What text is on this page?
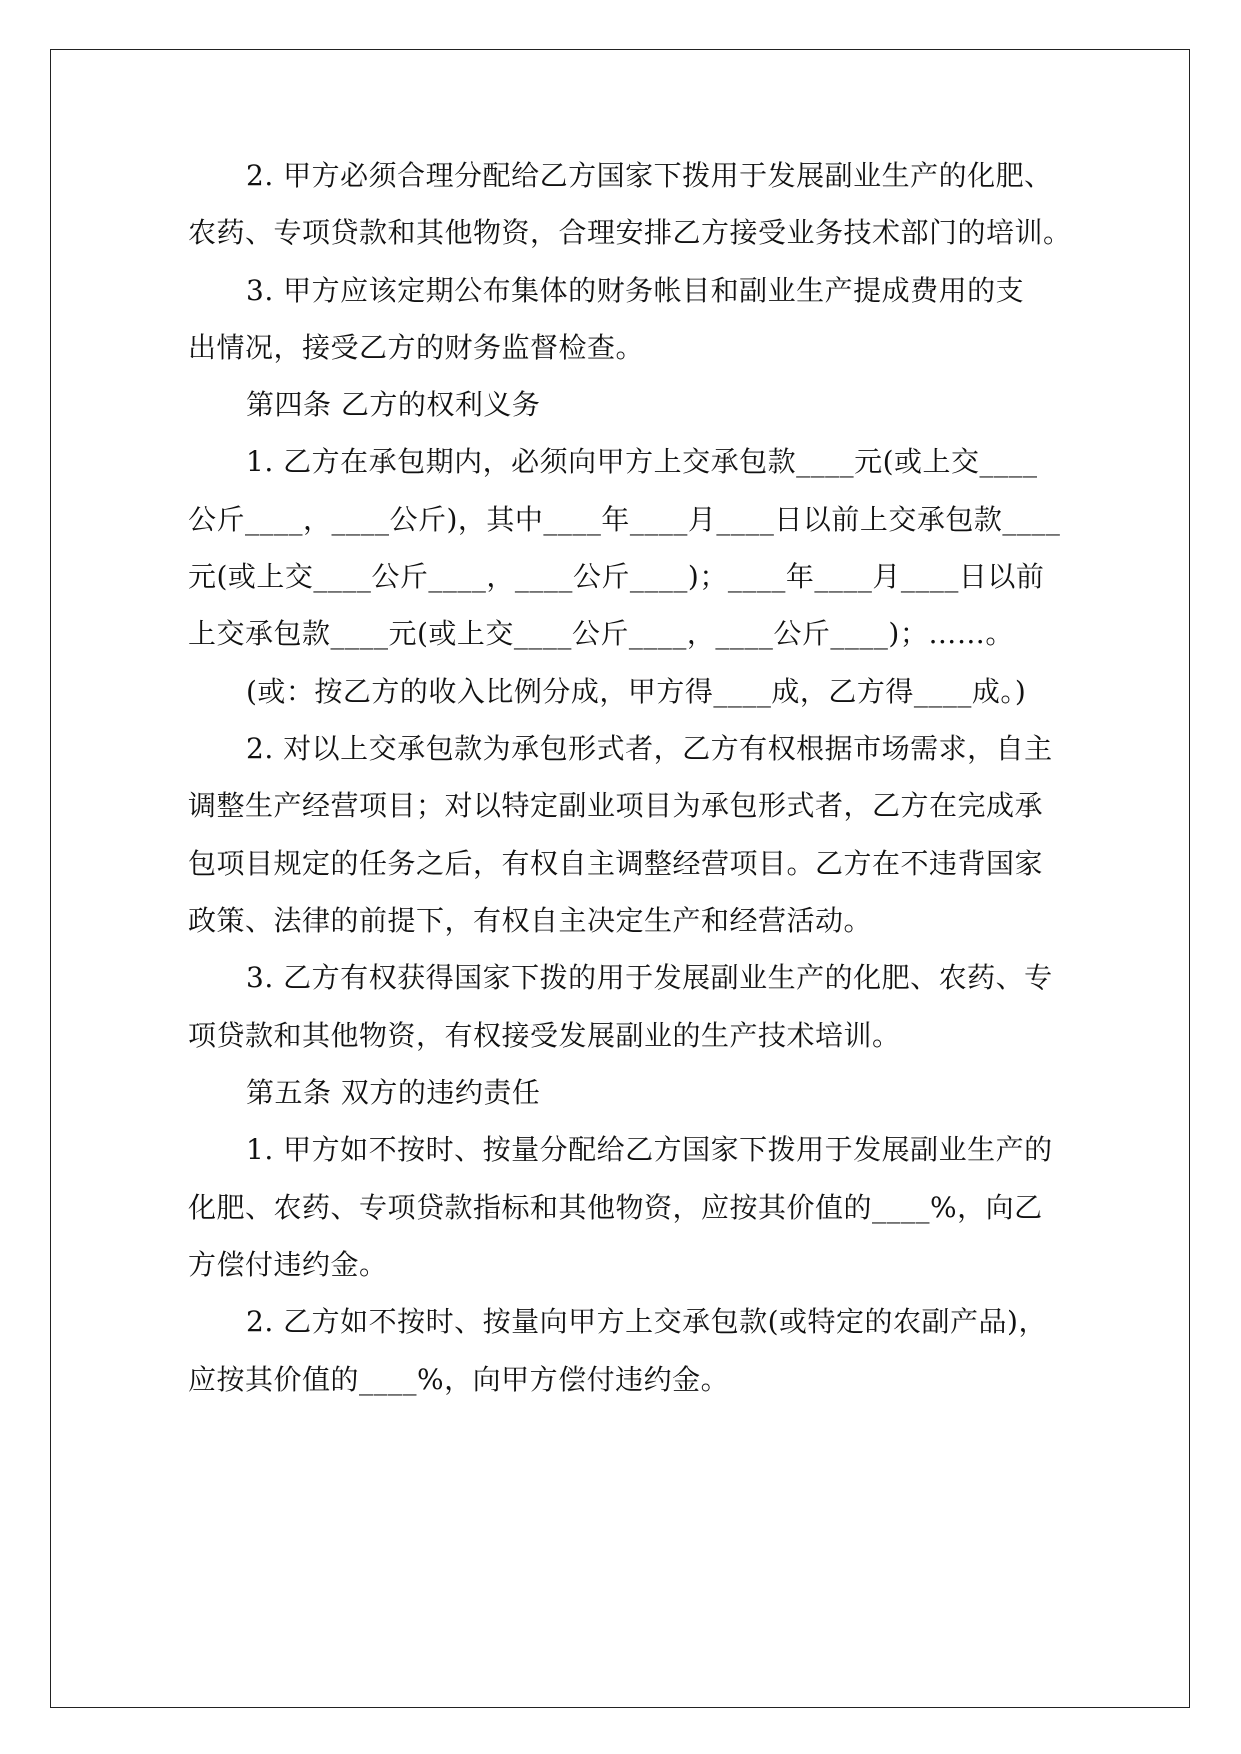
2. 甲方必须合理分配给乙方国家下拨用于发展副业生产的化肥、
农药、专项贷款和其他物资，合理安排乙方接受业务技术部门的培训。
3. 甲方应该定期公布集体的财务帐目和副业生产提成费用的支
出情况，接受乙方的财务监督检查。
第四条 乙方的权利义务
1. 乙方在承包期内，必须向甲方上交承包款____元(或上交____
公斤____，____公斤)，其中____年____月____日以前上交承包款____
元(或上交____公斤____，____公斤____)；____年____月____日以前
上交承包款____元(或上交____公斤____，____公斤____)；……。
(或：按乙方的收入比例分成，甲方得____成，乙方得____成。)
2. 对以上交承包款为承包形式者，乙方有权根据市场需求，自主
调整生产经营项目；对以特定副业项目为承包形式者，乙方在完成承
包项目规定的任务之后，有权自主调整经营项目。乙方在不违背国家
政策、法律的前提下，有权自主决定生产和经营活动。
3. 乙方有权获得国家下拨的用于发展副业生产的化肥、农药、专
项贷款和其他物资，有权接受发展副业的生产技术培训。
第五条 双方的违约责任
1. 甲方如不按时、按量分配给乙方国家下拨用于发展副业生产的
化肥、农药、专项贷款指标和其他物资，应按其价值的____%，向乙
方偿付违约金。
2. 乙方如不按时、按量向甲方上交承包款(或特定的农副产品)，
应按其价值的____%，向甲方偿付违约金。
